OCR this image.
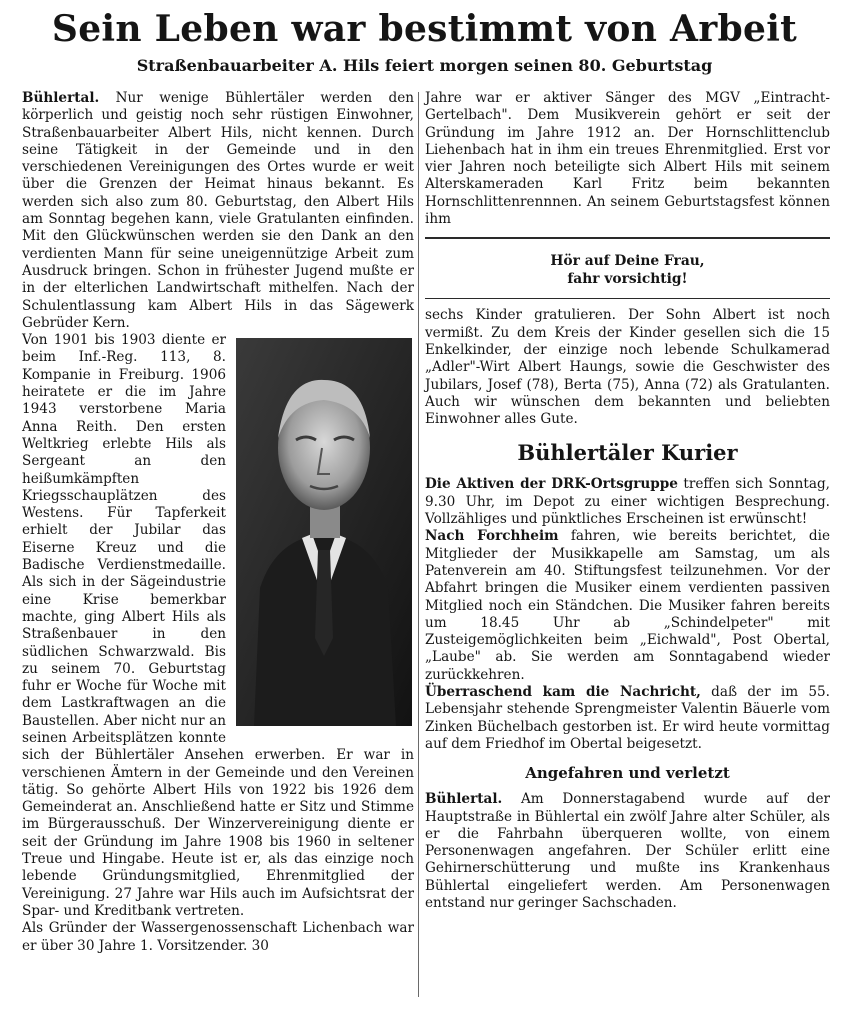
Sein Leben war bestimmt von Arbeit
Straßenbauarbeiter A. Hils feiert morgen seinen 80. Geburtstag

Bühlertal. Nur wenige Bühlertäler werden den körperlich und geistig noch sehr rüstigen Einwohner, Straßenbauarbeiter Albert Hils, nicht kennen. Durch seine Tätigkeit in der Gemeinde und in den verschiedenen Vereinigungen des Ortes wurde er weit über die Grenzen der Heimat hinaus bekannt. Es werden sich also zum 80. Geburtstag, den Albert Hils am Sonntag begehen kann, viele Gratulanten einfinden. Mit den Glückwünschen werden sie den Dank an den verdienten Mann für seine uneigennützige Arbeit zum Ausdruck bringen. Schon in frühester Jugend mußte er in der elterlichen Landwirtschaft mithelfen. Nach der Schulentlassung kam Albert Hils in das Sägewerk Gebrüder Kern.

Von 1901 bis 1903 diente er beim Inf.-Reg. 113, 8. Kompanie in Freiburg. 1906 heiratete er die im Jahre 1943 verstorbene Maria Anna Reith. Den ersten Weltkrieg erlebte Hils als Sergeant an den heißumkämpften Kriegsschauplätzen des Westens. Für Tapferkeit erhielt der Jubilar das Eiserne Kreuz und die Badische Verdienstmedaille. Als sich in der Sägeindustrie eine Krise bemerkbar machte, ging Albert Hils als Straßenbauer in den südlichen Schwarzwald. Bis zu seinem 70. Geburtstag fuhr er Woche für Woche mit dem Lastkraftwagen an die Baustellen. Aber nicht nur an seinen Arbeitsplätzen konnte sich der Bühlertäler Ansehen erwerben. Er war in verschienen Ämtern in der Gemeinde und den Vereinen tätig. So gehörte Albert Hils von 1922 bis 1926 dem Gemeinderat an. Anschließend hatte er Sitz und Stimme im Bürgerausschuß. Der Winzervereinigung diente er seit der Gründung im Jahre 1908 bis 1960 in seltener Treue und Hingabe. Heute ist er, als das einzige noch lebende Gründungsmitglied, Ehrenmitglied der Vereinigung. 27 Jahre war Hils auch im Aufsichtsrat der Spar- und Kreditbank vertreten.

Als Gründer der Wassergenossenschaft Lichenbach war er über 30 Jahre 1. Vorsitzender. 30

Jahre war er aktiver Sänger des MGV „Eintracht-Gertelbach". Dem Musikverein gehört er seit der Gründung im Jahre 1912 an. Der Hornschlittenclub Liehenbach hat in ihm ein treues Ehrenmitglied. Erst vor vier Jahren noch beteiligte sich Albert Hils mit seinem Alterskameraden Karl Fritz beim bekannten Hornschlittenrennnen. An seinem Geburtstagsfest können ihm

Hör auf Deine Frau,
fahr vorsichtig!

sechs Kinder gratulieren. Der Sohn Albert ist noch vermißt. Zu dem Kreis der Kinder gesellen sich die 15 Enkelkinder, der einzige noch lebende Schulkamerad „Adler"-Wirt Albert Haungs, sowie die Geschwister des Jubilars, Josef (78), Berta (75), Anna (72) als Gratulanten. Auch wir wünschen dem bekannten und beliebten Einwohner alles Gute.

Bühlertäler Kurier

Die Aktiven der DRK-Ortsgruppe treffen sich Sonntag, 9.30 Uhr, im Depot zu einer wichtigen Besprechung. Vollzähliges und pünktliches Erscheinen ist erwünscht!

Nach Forchheim fahren, wie bereits berichtet, die Mitglieder der Musikkapelle am Samstag, um als Patenverein am 40. Stiftungsfest teilzunehmen. Vor der Abfahrt bringen die Musiker einem verdienten passiven Mitglied noch ein Ständchen. Die Musiker fahren bereits um 18.45 Uhr ab „Schindelpeter" mit Zusteigemöglichkeiten beim „Eichwald", Post Obertal, „Laube" ab. Sie werden am Sonntagabend wieder zurückkehren.

Überraschend kam die Nachricht, daß der im 55. Lebensjahr stehende Sprengmeister Valentin Bäuerle vom Zinken Büchelbach gestorben ist. Er wird heute vormittag auf dem Friedhof im Obertal beigesetzt.

Angefahren und verletzt

Bühlertal. Am Donnerstagabend wurde auf der Hauptstraße in Bühlertal ein zwölf Jahre alter Schüler, als er die Fahrbahn überqueren wollte, von einem Personenwagen angefahren. Der Schüler erlitt eine Gehirnerschütterung und mußte ins Krankenhaus Bühlertal eingeliefert werden. Am Personenwagen entstand nur geringer Sachschaden.
